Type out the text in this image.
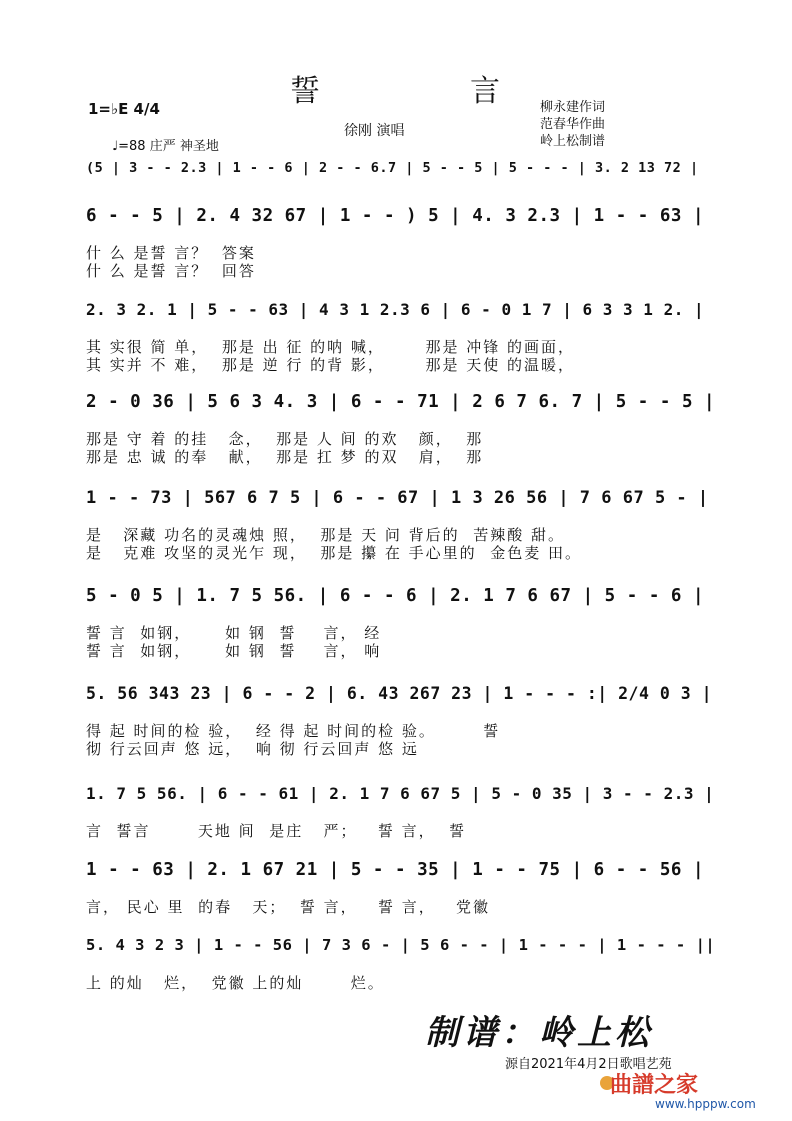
誓	言
1=♭E 4/4
♩=88 庄严 神圣地
徐刚 演唱
柳永建作词
范春华作曲
岭上松制谱
(5 | 3 - - 2.3 | 1 - - 6 | 2 - - 6.7 | 5 - - 5 | 5 - - - | 3. 2 13 72 |
6 - - 5 | 2. 4 32 67 | 1 - - ) 5 | 4. 3 2.3 | 1 - - 63 |
什 么 是誓 言？  答案
什 么 是誓 言？  回答
2. 3 2. 1 | 5 - - 63 | 4 3 1 2.3 6 | 6 - 0 1 7 | 6 3 3 1 2. |
其 实很 简 单，  那是 出 征 的呐 喊，      那是 冲锋 的画面，
其 实并 不 难，  那是 逆 行 的背 影，      那是 天使 的温暖，
2 - 0 36 | 5 6 3 4. 3 | 6 - - 71 | 2 6 7 6. 7 | 5 - - 5 |
那是 守 着 的挂   念，  那是 人 间 的欢   颜，  那
那是 忠 诚 的奉   献，  那是 扛 梦 的双   肩，  那
1 - - 73 | 567 6 7 5 | 6 - - 67 | 1 3 26 56 | 7 6 67 5 - |
是   深藏 功名的灵魂烛 照，  那是 天 问 背后的  苦辣酸 甜。
是   克难 攻坚的灵光乍 现，  那是 攥 在 手心里的  金色麦 田。
5 - 0 5 | 1. 7 5 56. | 6 - - 6 | 2. 1 7 6 67 | 5 - - 6 |
誓 言  如钢，     如 钢  誓    言， 经
誓 言  如钢，     如 钢  誓    言， 响
5. 56 343 23 | 6 - - 2 | 6. 43 267 23 | 1 - - - :| 2/4 0 3 |
得 起 时间的检 验，  经 得 起 时间的检 验。       誓
彻 行云回声 悠 远，  响 彻 行云回声 悠 远
1. 7 5 56. | 6 - - 61 | 2. 1 7 6 67 5 | 5 - 0 35 | 3 - - 2.3 |
言  誓言       天地 间  是庄   严；   誓 言，  誓
1 - - 63 | 2. 1 67 21 | 5 - - 35 | 1 - - 75 | 6 - - 56 |
言， 民心 里  的春   天；  誓 言，   誓 言，   党徽
5. 4 3 2 3 | 1 - - 56 | 7 3 6 - | 5 6 - - | 1 - - - | 1 - - - ||
上 的灿   烂，  党徽 上的灿       烂。
制谱：岭上松
源自2021年4月2日歌唱艺苑
曲譜之家
www.hpppw.com
